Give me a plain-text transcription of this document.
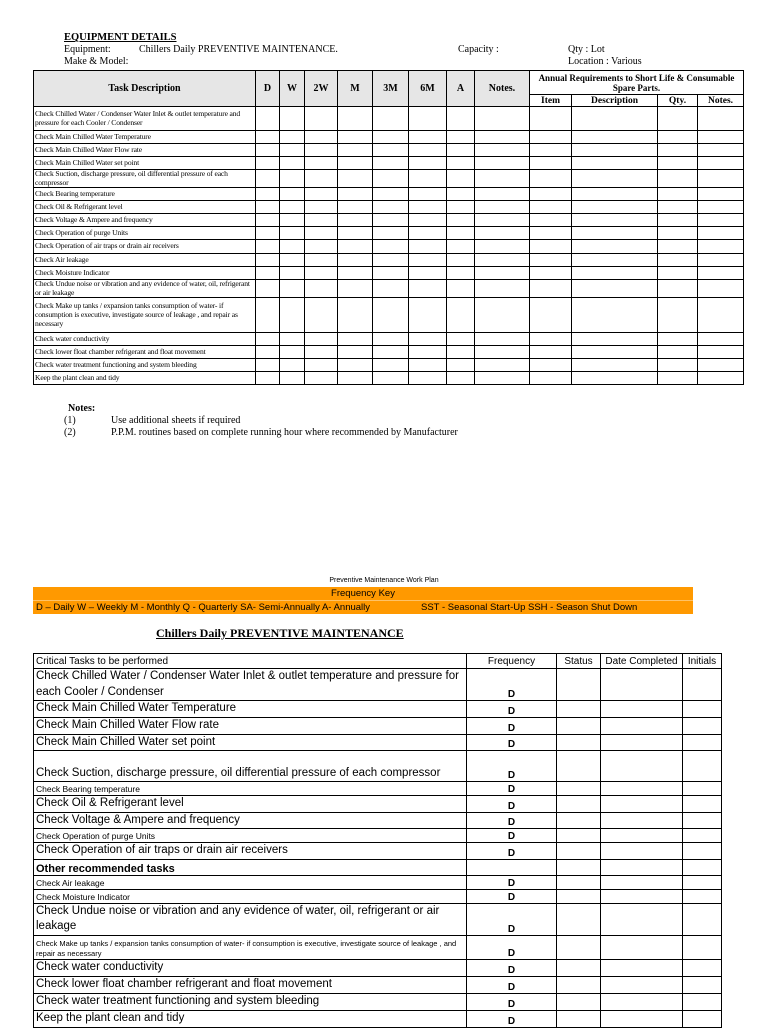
EQUIPMENT DETAILS
Equipment:	Chillers Daily PREVENTIVE MAINTENANCE.	Capacity :	Qty : Lot
Make & Model:	Location : Various
Task Description	D	W	2W	M	3M	6M	A	Notes.	Annual Requirements to Short Life & Consumable Spare Parts.			
									Item	Description	Qty.	Notes.
Check Chilled Water / Condenser Water Inlet & outlet temperature and pressure for each Cooler / Condenser												
Check Main Chilled Water Temperature												
Check Main Chilled Water Flow rate												
Check Main Chilled Water set point												
Check Suction, discharge pressure, oil differential pressure of each compressor												
Check Bearing temperature												
Check Oil & Refrigerant level												
Check Voltage & Ampere and frequency												
Check Operation of purge Units												
Check Operation of air traps or drain air receivers												
Check Air leakage												
Check Moisture Indicator												
Check Undue noise or vibration and any evidence of water, oil, refrigerant or air leakage												
Check Make up tanks / expansion tanks consumption of water- if consumption is executive, investigate source of leakage , and repair as necessary												
Check water conductivity												
Check lower float chamber refrigerant and float movement												
Check water treatment functioning and system bleeding												
Keep the plant clean and tidy												
Notes:
(1)	Use additional sheets if required
(2)	P.P.M. routines based on complete running hour where recommended by Manufacturer
Preventive Maintenance Work Plan
Frequency Key
D – Daily W – Weekly M - Monthly Q - Quarterly SA- Semi-Annually A- Annually	SST - Seasonal Start-Up SSH - Season Shut Down
Chillers Daily PREVENTIVE MAINTENANCE
Critical Tasks to be performed	Frequency	Status	Date Completed	Initials
Check Chilled Water / Condenser Water Inlet & outlet temperature and pressure for each Cooler / Condenser	D			
Check Main Chilled Water Temperature	D			
Check Main Chilled Water Flow rate	D			
Check Main Chilled Water set point	D			
Check Suction, discharge pressure, oil differential pressure of each compressor	D			
Check Bearing temperature	D			
Check Oil & Refrigerant level	D			
Check Voltage & Ampere and frequency	D			
Check Operation of purge Units	D			
Check Operation of air traps or drain air receivers	D			
Other recommended tasks				
Check Air leakage	D			
Check Moisture Indicator	D			
Check Undue noise or vibration and any evidence of water, oil, refrigerant or air leakage	D			
Check Make up tanks / expansion tanks consumption of water- if consumption is executive, investigate source of leakage , and repair as necessary	D			
Check water conductivity	D			
Check lower float chamber refrigerant and float movement	D			
Check water treatment functioning and system bleeding	D			
Keep the plant clean and tidy	D			
